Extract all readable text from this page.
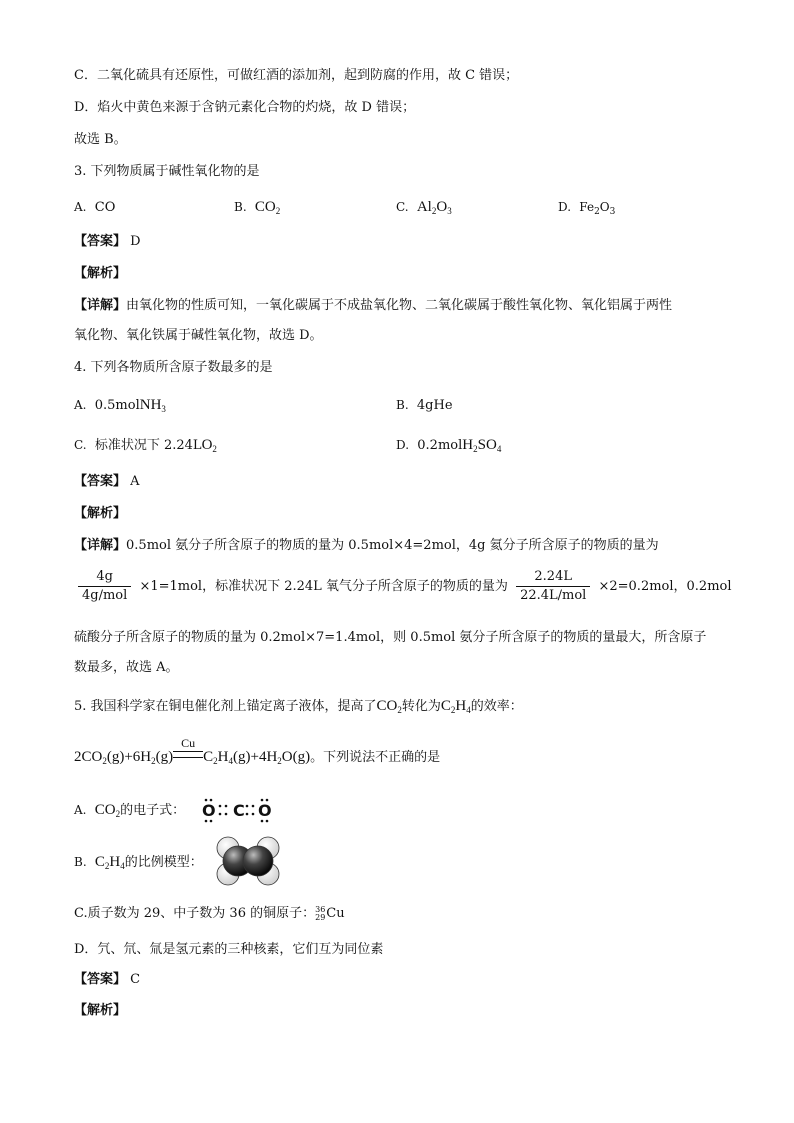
C．二氧化硫具有还原性，可做红酒的添加剂，起到防腐的作用，故 C 错误；
D．焰火中黄色来源于含钠元素化合物的灼烧，故 D 错误；
故选 B。
3. 下列物质属于碱性氧化物的是
A. CO	B. $CO_2$	C. $Al_2O_3$	D. $Fe_2O_3$
【答案】 D
【解析】
【详解】由氧化物的性质可知，一氧化碳属于不成盐氧化物、二氧化碳属于酸性氧化物、氧化铝属于两性
氧化物、氧化铁属于碱性氧化物，故选 D。
4. 下列各物质所含原子数最多的是
A. 0.5molNH$_3$	B. 4gHe
C. 标准状况下 $2.24LO_2$	D. $0.2molH_2SO_4$
【答案】 A
【解析】
【详解】0.5mol 氨分子所含原子的物质的量为 0.5mol×4=2mol，4g 氦分子所含原子的物质的量为
$\frac{4g}{\text{4g/mol}} \times 1=1mol$，标准状况下 2.24L 氧气分子所含原子的物质的量为 $\frac{2.24L}{\text{22.4L/mol}} \times 2=0.2mol$，0.2mol
硫酸分子所含原子的物质的量为 0.2mol×7=1.4mol，则 0.5mol 氨分子所含原子的物质的量最大，所含原子
数最多，故选 A。
5. 我国科学家在铜电催化剂上锚定离子液体，提高了$CO_2$转化为$C_2H_4$的效率：
$2CO_2(g)+6H_2(g)$
Cu
$C_2H_4(g)+4H_2O(g)$。下列说法不正确的是
A. $CO_2$的电子式： O C O
B. $C_2H_4$的比例模型：
C.质子数为 29、中子数为 36 的铜原子： 36
29 Cu
D．氕、氘、氚是氢元素的三种核素，它们互为同位素
【答案】 C
【解析】
